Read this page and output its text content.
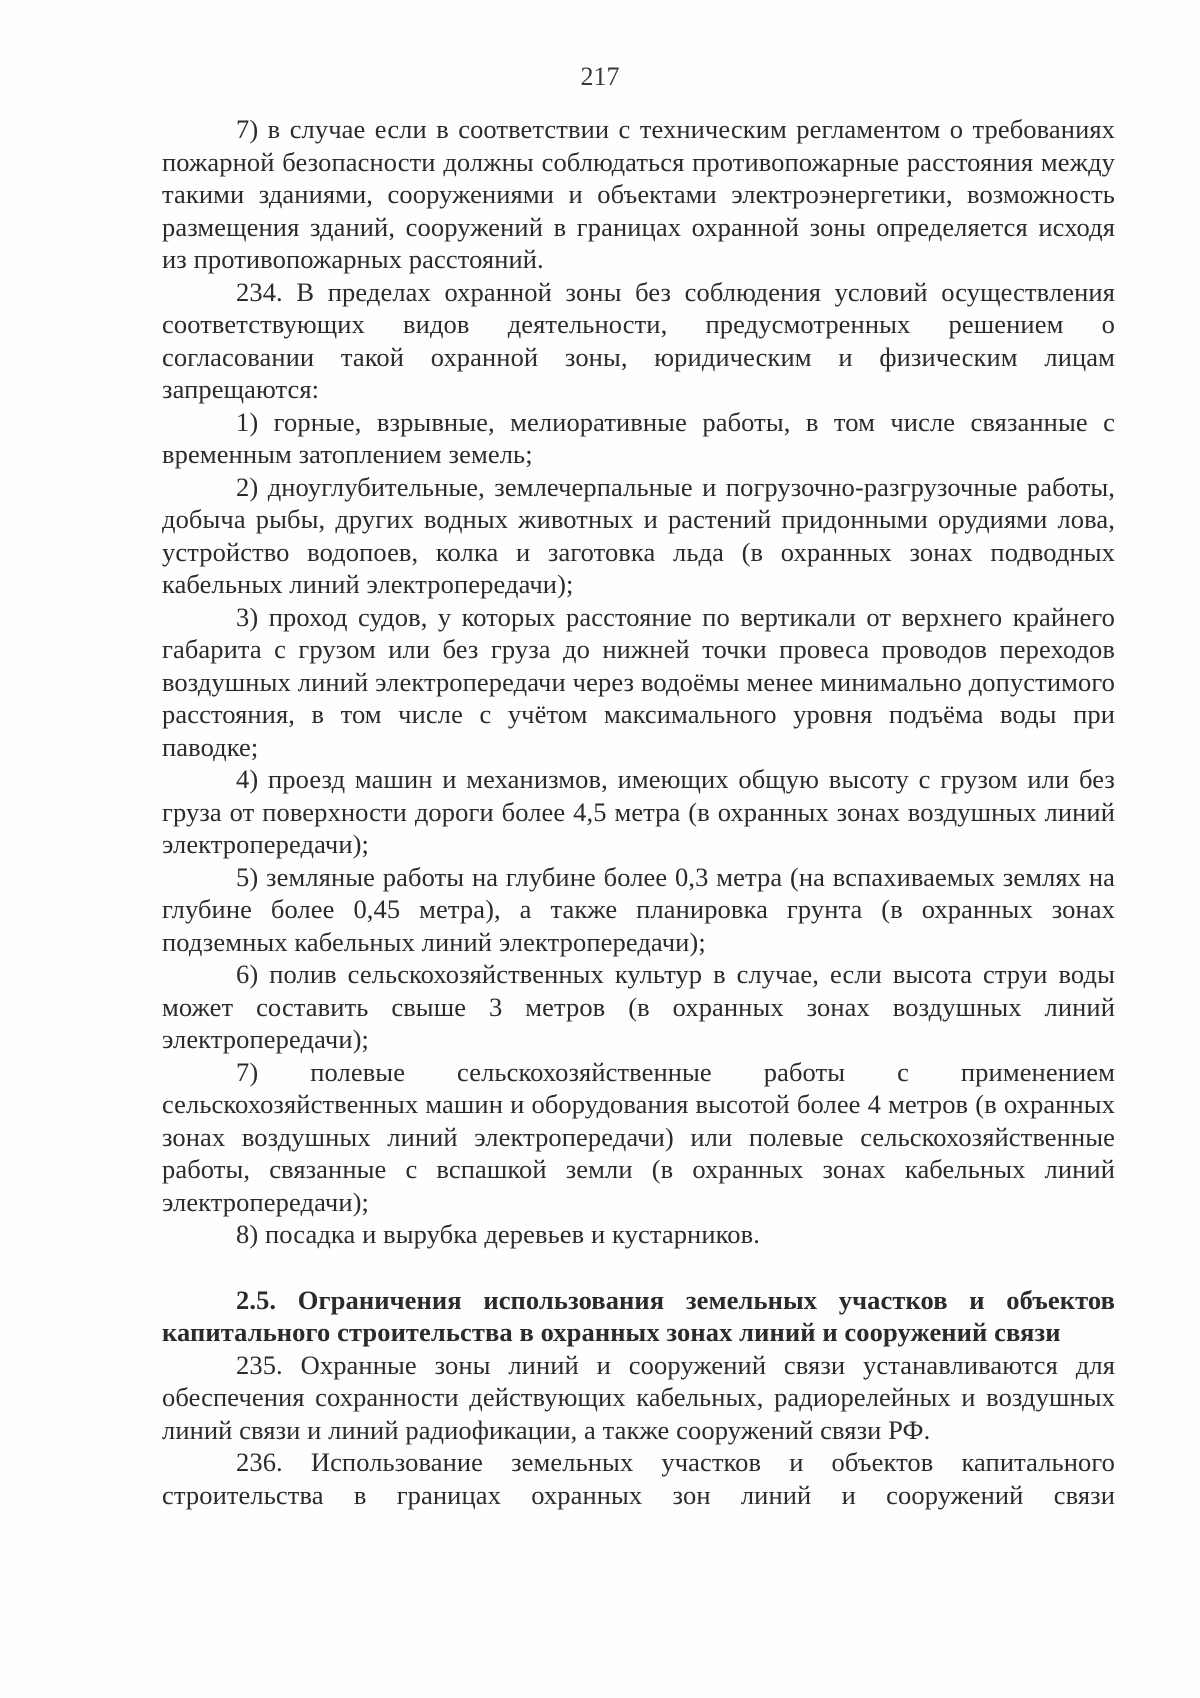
217

7) в случае если в соответствии с техническим регламентом о требованиях пожарной безопасности должны соблюдаться противопожарные расстояния между такими зданиями, сооружениями и объектами электроэнергетики, возможность размещения зданий, сооружений в границах охранной зоны определяется исходя из противопожарных расстояний.

234. В пределах охранной зоны без соблюдения условий осуществления соответствующих видов деятельности, предусмотренных решением о согласовании такой охранной зоны, юридическим и физическим лицам запрещаются:

1) горные, взрывные, мелиоративные работы, в том числе связанные с временным затоплением земель;

2) дноуглубительные, землечерпальные и погрузочно-разгрузочные работы, добыча рыбы, других водных животных и растений придонными орудиями лова, устройство водопоев, колка и заготовка льда (в охранных зонах подводных кабельных линий электропередачи);

3) проход судов, у которых расстояние по вертикали от верхнего крайнего габарита с грузом или без груза до нижней точки провеса проводов переходов воздушных линий электропередачи через водоёмы менее минимально допустимого расстояния, в том числе с учётом максимального уровня подъёма воды при паводке;

4) проезд машин и механизмов, имеющих общую высоту с грузом или без груза от поверхности дороги более 4,5 метра (в охранных зонах воздушных линий электропередачи);

5) земляные работы на глубине более 0,3 метра (на вспахиваемых землях на глубине более 0,45 метра), а также планировка грунта (в охранных зонах подземных кабельных линий электропередачи);

6) полив сельскохозяйственных культур в случае, если высота струи воды может составить свыше 3 метров (в охранных зонах воздушных линий электропередачи);

7) полевые сельскохозяйственные работы с применением сельскохозяйственных машин и оборудования высотой более 4 метров (в охранных зонах воздушных линий электропередачи) или полевые сельскохозяйственные работы, связанные с вспашкой земли (в охранных зонах кабельных линий электропередачи);

8) посадка и вырубка деревьев и кустарников.

2.5. Ограничения использования земельных участков и объектов капитального строительства в охранных зонах линий и сооружений связи

235. Охранные зоны линий и сооружений связи устанавливаются для обеспечения сохранности действующих кабельных, радиорелейных и воздушных линий связи и линий радиофикации, а также сооружений связи РФ.

236. Использование земельных участков и объектов капитального строительства в границах охранных зон линий и сооружений связи
